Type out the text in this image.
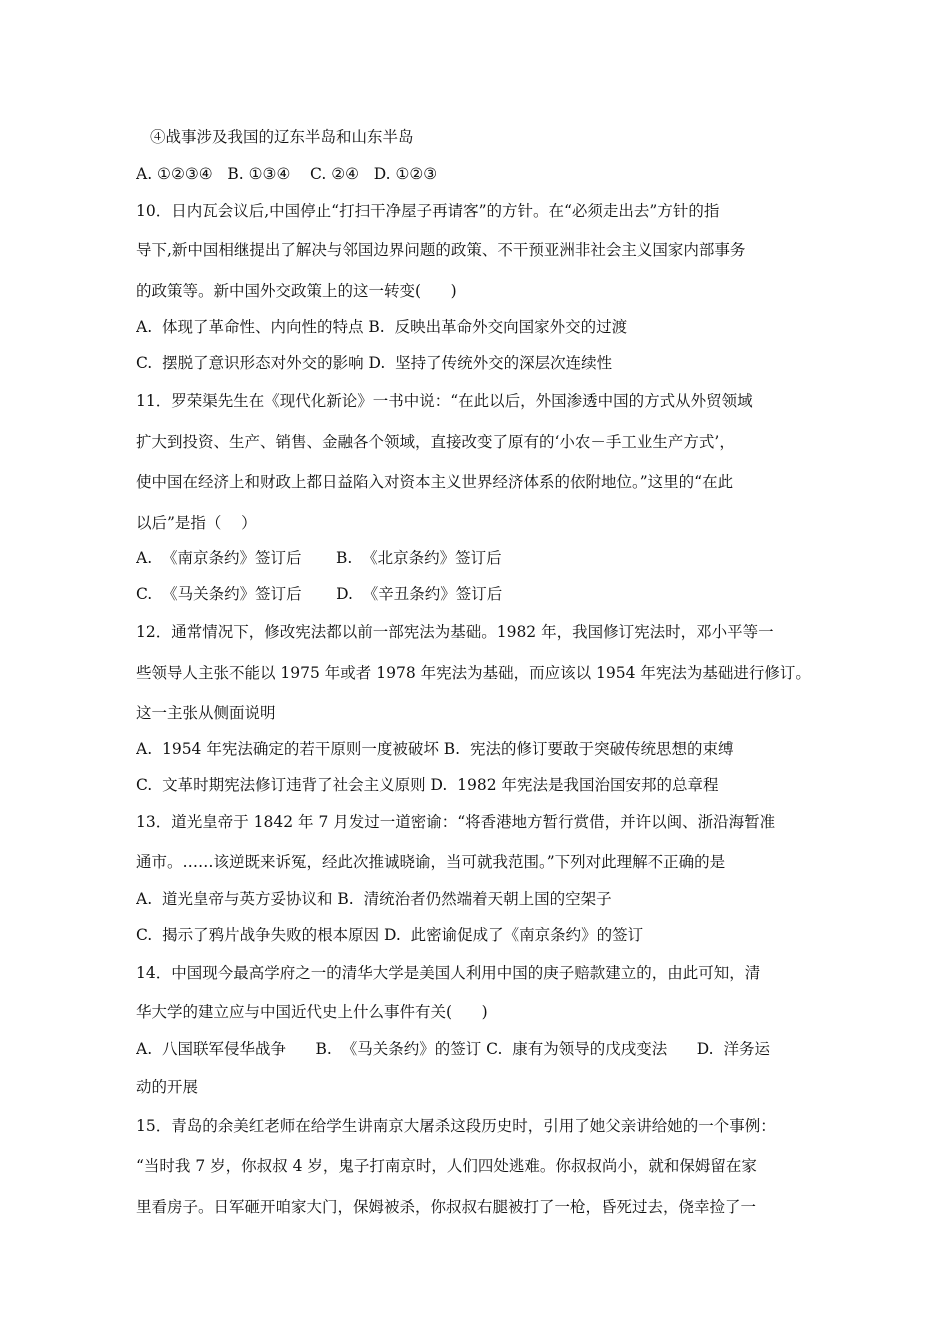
④战事涉及我国的辽东半岛和山东半岛
A. ①②③④   B. ①③④    C. ②④   D. ①②③
10．日内瓦会议后,中国停止“打扫干净屋子再请客”的方针。在“必须走出去”方针的指
导下,新中国相继提出了解决与邻国边界问题的政策、不干预亚洲非社会主义国家内部事务
的政策等。新中国外交政策上的这一转变(      )
A.  体现了革命性、内向性的特点 B.  反映出革命外交向国家外交的过渡
C.  摆脱了意识形态对外交的影响 D.  坚持了传统外交的深层次连续性
11．罗荣渠先生在《现代化新论》一书中说：“在此以后，外国渗透中国的方式从外贸领域
扩大到投资、生产、销售、金融各个领域，直接改变了原有的‘小农－手工业生产方式’，
使中国在经济上和财政上都日益陷入对资本主义世界经济体系的依附地位。”这里的“在此
以后”是指（    ）
A.  《南京条约》签订后       B.  《北京条约》签订后
C.  《马关条约》签订后       D.  《辛丑条约》签订后
12．通常情况下，修改宪法都以前一部宪法为基础。1982 年，我国修订宪法时，邓小平等一
些领导人主张不能以 1975 年或者 1978 年宪法为基础，而应该以 1954 年宪法为基础进行修订。
这一主张从侧面说明
A.  1954 年宪法确定的若干原则一度被破坏 B.  宪法的修订要敢于突破传统思想的束缚
C.  文革时期宪法修订违背了社会主义原则 D.  1982 年宪法是我国治国安邦的总章程
13．道光皇帝于 1842 年 7 月发过一道密谕：“将香港地方暂行赏借，并许以闽、浙沿海暂准
通市。……该逆既来诉冤，经此次推诚晓谕，当可就我范围。”下列对此理解不正确的是
A.  道光皇帝与英方妥协议和 B.  清统治者仍然端着天朝上国的空架子
C.  揭示了鸦片战争失败的根本原因 D.  此密谕促成了《南京条约》的签订
14．中国现今最高学府之一的清华大学是美国人利用中国的庚子赔款建立的，由此可知，清
华大学的建立应与中国近代史上什么事件有关(      )
A.  八国联军侵华战争      B.  《马关条约》的签订 C.  康有为领导的戊戌变法      D.  洋务运
动的开展
15．青岛的余美红老师在给学生讲南京大屠杀这段历史时，引用了她父亲讲给她的一个事例：
“当时我 7 岁，你叔叔 4 岁，鬼子打南京时，人们四处逃难。你叔叔尚小，就和保姆留在家
里看房子。日军砸开咱家大门，保姆被杀，你叔叔右腿被打了一枪，昏死过去，侥幸捡了一
